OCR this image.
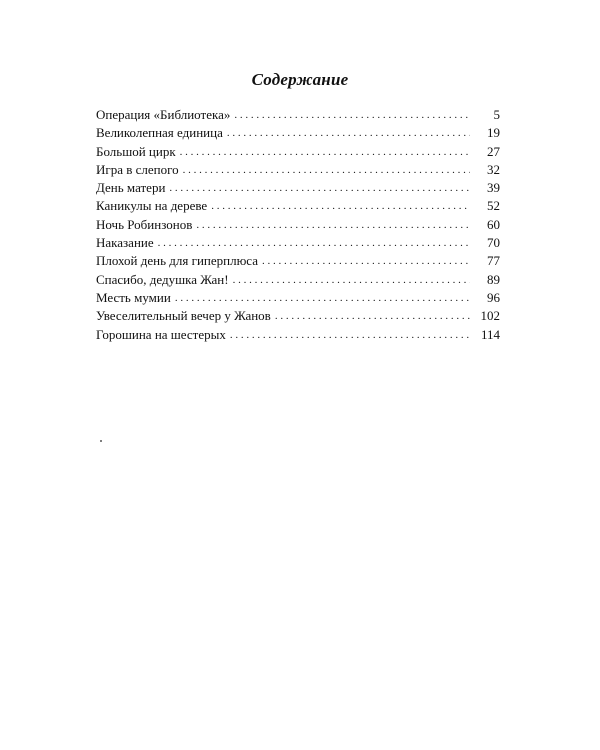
Содержание
Операция «Библиотека» . . .	5
Великолепная единица . . .	19
Большой цирк . . .	27
Игра в слепого . . .	32
День матери . . .	39
Каникулы на дереве . . .	52
Ночь Робинзонов . . .	60
Наказание . . .	70
Плохой день для гиперплюса . . .	77
Спасибо, дедушка Жан! . . .	89
Месть мумии . . .	96
Увеселительный вечер у Жанов . . .	102
Горошина на шестерых . . .	114
